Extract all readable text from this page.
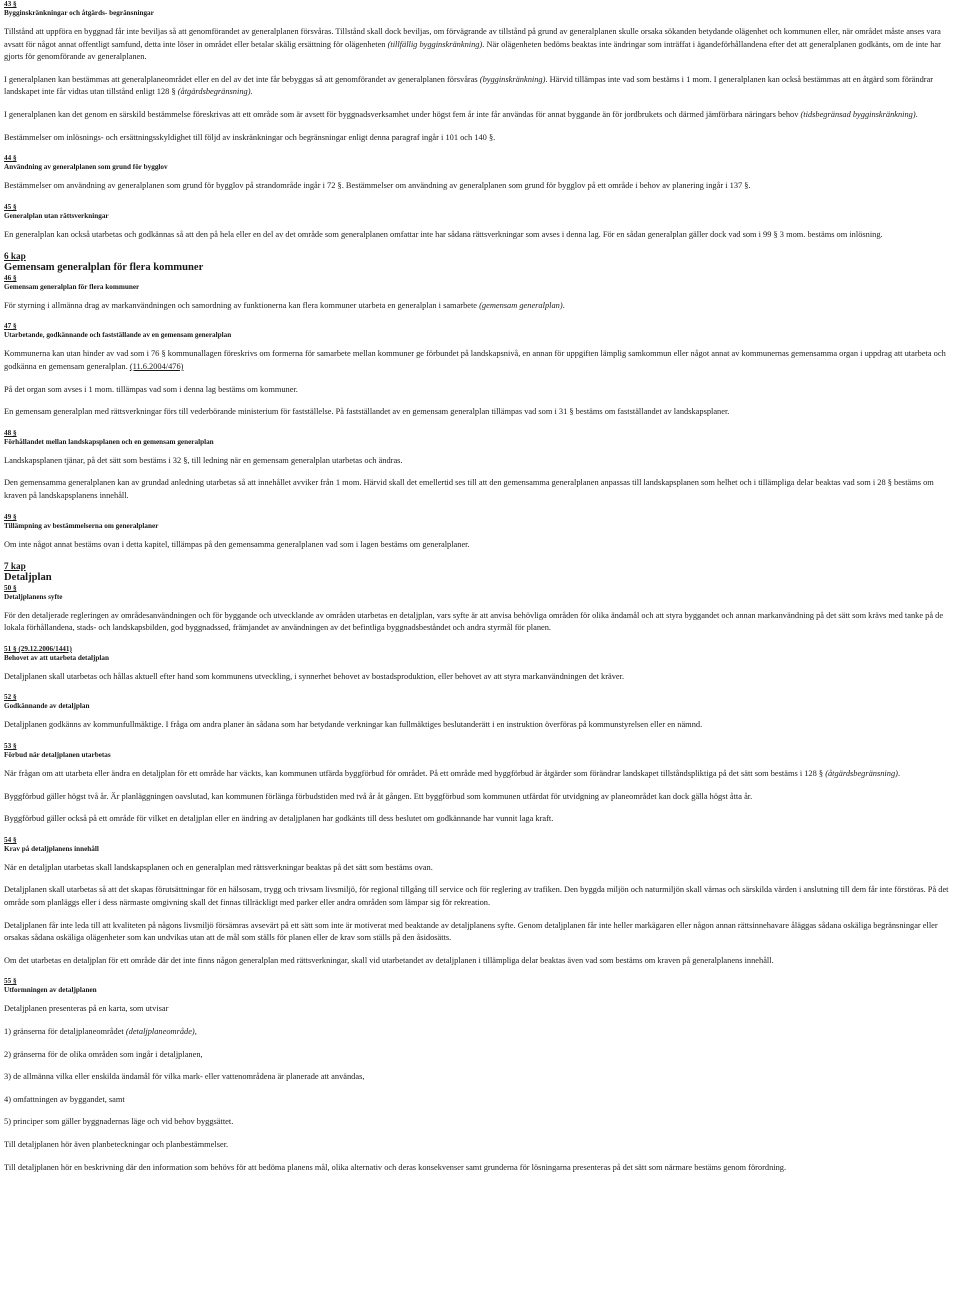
43 §
Bygginskränkningar och åtgärds- begränsningar

Tillstånd att uppföra en byggnad får inte beviljas så att genomförandet av generalplanen försvåras. Tillstånd skall dock beviljas, om förvägrande av tillstånd på grund av generalplanen skulle orsaka sökanden betydande olägenhet och kommunen eller, när området måste anses vara avsatt för något annat offentligt samfund, detta inte löser in området eller betalar skälig ersättning för olägenheten (tillfällig bygginskränkning). När olägenheten bedöms beaktas inte ändringar som inträffat i ägandeförhållandena efter det att generalplanen godkänts, om de inte har gjorts för genomförande av generalplanen.

I generalplanen kan bestämmas att generalplaneområdet eller en del av det inte får bebyggas så att genomförandet av generalplanen försvåras (bygginskränkning). Härvid tillämpas inte vad som bestäms i 1 mom. I generalplanen kan också bestämmas att en åtgärd som förändrar landskapet inte får vidtas utan tillstånd enligt 128 § (åtgärdsbegränsning).

I generalplanen kan det genom en särskild bestämmelse föreskrivas att ett område som är avsett för byggnadsverksamhet under högst fem år inte får användas för annat byggande än för jordbrukets och därmed jämförbara näringars behov (tidsbegränsad bygginskränkning).

Bestämmelser om inlösnings- och ersättningsskyldighet till följd av inskränkningar och begränsningar enligt denna paragraf ingår i 101 och 140 §.

44 §
Användning av generalplanen som grund för bygglov

Bestämmelser om användning av generalplanen som grund för bygglov på strandområde ingår i 72 §. Bestämmelser om användning av generalplanen som grund för bygglov på ett område i behov av planering ingår i 137 §.

45 §
Generalplan utan rättsverkningar

En generalplan kan också utarbetas och godkännas så att den på hela eller en del av det område som generalplanen omfattar inte har sådana rättsverkningar som avses i denna lag. För en sådan generalplan gäller dock vad som i 99 § 3 mom. bestäms om inlösning.

6 kap
Gemensam generalplan för flera kommuner
46 §
Gemensam generalplan för flera kommuner

För styrning i allmänna drag av markanvändningen och samordning av funktionerna kan flera kommuner utarbeta en generalplan i samarbete (gemensam generalplan).

47 §
Utarbetande, godkännande och fastställande av en gemensam generalplan

Kommunerna kan utan hinder av vad som i 76 § kommunallagen föreskrivs om formerna för samarbete mellan kommuner ge förbundet på landskapsnivå, en annan för uppgiften lämplig samkommun eller något annat av kommunernas gemensamma organ i uppdrag att utarbeta och godkänna en gemensam generalplan. (11.6.2004/476)

På det organ som avses i 1 mom. tillämpas vad som i denna lag bestäms om kommuner.

En gemensam generalplan med rättsverkningar förs till vederbörande ministerium för fastställelse. På fastställandet av en gemensam generalplan tillämpas vad som i 31 § bestäms om fastställandet av landskapsplaner.

48 §
Förhållandet mellan landskapsplanen och en gemensam generalplan

Landskapsplanen tjänar, på det sätt som bestäms i 32 §, till ledning när en gemensam generalplan utarbetas och ändras.

Den gemensamma generalplanen kan av grundad anledning utarbetas så att innehållet avviker från 1 mom. Härvid skall det emellertid ses till att den gemensamma generalplanen anpassas till landskapsplanen som helhet och i tillämpliga delar beaktas vad som i 28 § bestäms om kraven på landskapsplanens innehåll.

49 §
Tillämpning av bestämmelserna om generalplaner

Om inte något annat bestäms ovan i detta kapitel, tillämpas på den gemensamma generalplanen vad som i lagen bestäms om generalplaner.

7 kap
Detaljplan
50 §
Detaljplanens syfte

För den detaljerade regleringen av områdesanvändningen och för byggande och utvecklande av områden utarbetas en detaljplan, vars syfte är att anvisa behövliga områden för olika ändamål och att styra byggandet och annan markanvändning på det sätt som krävs med tanke på de lokala förhållandena, stads- och landskapsbilden, god byggnadssed, främjandet av användningen av det befintliga byggnadsbeståndet och andra styrmål för planen.

51 § (29.12.2006/1441)
Behovet av att utarbeta detaljplan

Detaljplanen skall utarbetas och hållas aktuell efter hand som kommunens utveckling, i synnerhet behovet av bostadsproduktion, eller behovet av att styra markanvändningen det kräver.

52 §
Godkännande av detaljplan

Detaljplanen godkänns av kommunfullmäktige. I fråga om andra planer än sådana som har betydande verkningar kan fullmäktiges beslutanderätt i en instruktion överföras på kommunstyrelsen eller en nämnd.

53 §
Förbud när detaljplanen utarbetas

När frågan om att utarbeta eller ändra en detaljplan för ett område har väckts, kan kommunen utfärda byggförbud för området. På ett område med byggförbud är åtgärder som förändrar landskapet tillståndspliktiga på det sätt som bestäms i 128 § (åtgärdsbegränsning).

Byggförbud gäller högst två år. Är planläggningen oavslutad, kan kommunen förlänga förbudstiden med två år åt gången. Ett byggförbud som kommunen utfärdat för utvidgning av planeområdet kan dock gälla högst åtta år.

Byggförbud gäller också på ett område för vilket en detaljplan eller en ändring av detaljplanen har godkänts till dess beslutet om godkännande har vunnit laga kraft.

54 §
Krav på detaljplanens innehåll

När en detaljplan utarbetas skall landskapsplanen och en generalplan med rättsverkningar beaktas på det sätt som bestäms ovan.

Detaljplanen skall utarbetas så att det skapas förutsättningar för en hälsosam, trygg och trivsam livsmiljö, för regional tillgång till service och för reglering av trafiken. Den byggda miljön och naturmiljön skall värnas och särskilda värden i anslutning till dem får inte förstöras. På det område som planläggs eller i dess närmaste omgivning skall det finnas tillräckligt med parker eller andra områden som lämpar sig för rekreation.

Detaljplanen får inte leda till att kvaliteten på någons livsmiljö försämras avsevärt på ett sätt som inte är motiverat med beaktande av detaljplanens syfte. Genom detaljplanen får inte heller markägaren eller någon annan rättsinnehavare åläggas sådana oskäliga begränsningar eller orsakas sådana oskäliga olägenheter som kan undvikas utan att de mål som ställs för planen eller de krav som ställs på den åsidosätts.

Om det utarbetas en detaljplan för ett område där det inte finns någon generalplan med rättsverkningar, skall vid utarbetandet av detaljplanen i tillämpliga delar beaktas även vad som bestäms om kraven på generalplanens innehåll.

55 §
Utformningen av detaljplanen

Detaljplanen presenteras på en karta, som utvisar

1) gränserna för detaljplaneområdet (detaljplaneområde),

2) gränserna för de olika områden som ingår i detaljplanen,

3) de allmänna vilka eller enskilda ändamål för vilka mark- eller vattenområdena är planerade att användas,

4) omfattningen av byggandet, samt

5) principer som gäller byggnadernas läge och vid behov byggsättet.

Till detaljplanen hör även planbeteckningar och planbestämmelser.

Till detaljplanen hör en beskrivning där den information som behövs för att bedöma planens mål, olika alternativ och deras konsekvenser samt grunderna för lösningarna presenteras på det sätt som närmare bestäms genom förordning.
